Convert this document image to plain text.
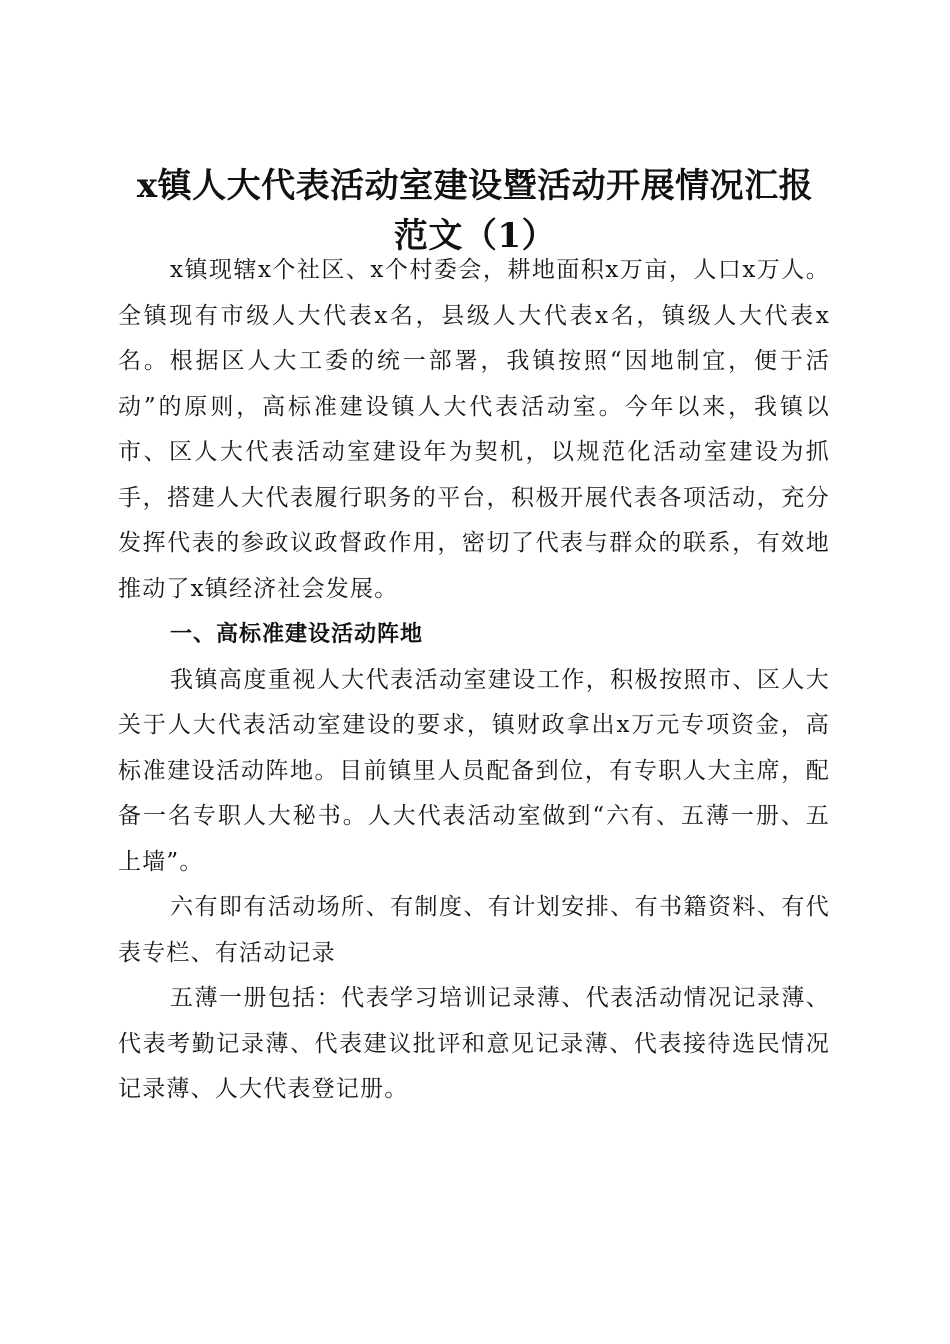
x镇人大代表活动室建设暨活动开展情况汇报
范文（1）

x镇现辖x个社区、x个村委会，耕地面积x万亩，人口x万人。全镇现有市级人大代表x名，县级人大代表x名，镇级人大代表x名。根据区人大工委的统一部署，我镇按照“因地制宜，便于活动”的原则，高标准建设镇人大代表活动室。今年以来，我镇以市、区人大代表活动室建设年为契机，以规范化活动室建设为抓手，搭建人大代表履行职务的平台，积极开展代表各项活动，充分发挥代表的参政议政督政作用，密切了代表与群众的联系，有效地推动了x镇经济社会发展。

一、高标准建设活动阵地

我镇高度重视人大代表活动室建设工作，积极按照市、区人大关于人大代表活动室建设的要求，镇财政拿出x万元专项资金，高标准建设活动阵地。目前镇里人员配备到位，有专职人大主席，配备一名专职人大秘书。人大代表活动室做到“六有、五薄一册、五上墙”。

六有即有活动场所、有制度、有计划安排、有书籍资料、有代表专栏、有活动记录

五薄一册包括：代表学习培训记录薄、代表活动情况记录薄、代表考勤记录薄、代表建议批评和意见记录薄、代表接待选民情况记录薄、人大代表登记册。
